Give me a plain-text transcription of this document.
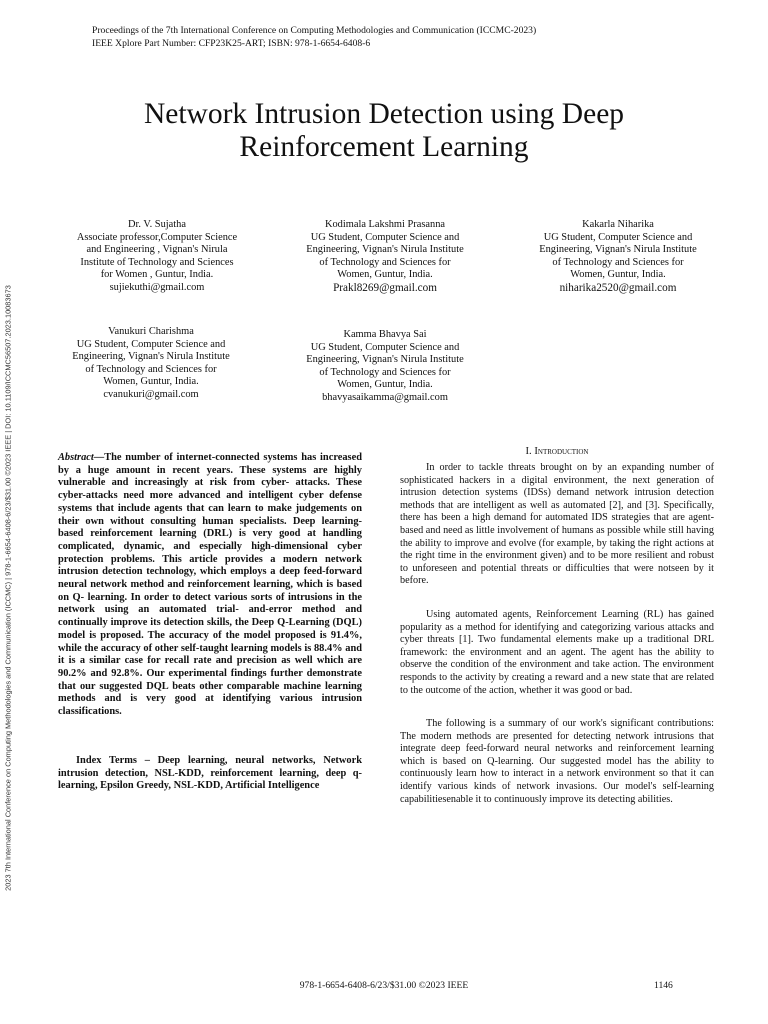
Proceedings of the 7th International Conference on Computing Methodologies and Communication (ICCMC-2023)
IEEE Xplore Part Number: CFP23K25-ART; ISBN: 978-1-6654-6408-6
2023 7th International Conference on Computing Methodologies and Communication (ICCMC) | 978-1-6654-6408-6/23/$31.00 ©2023 IEEE | DOI: 10.1109/ICCMC56507.2023.10083673
Network Intrusion Detection using Deep
Reinforcement Learning
Dr. V. Sujatha
Associate professor,Computer Science
and Engineering , Vignan's Nirula
Institute of Technology and Sciences
for Women , Guntur, India.
sujiekuthi@gmail.com
Kodimala Lakshmi Prasanna
UG Student, Computer Science and
Engineering, Vignan's Nirula Institute
of Technology and Sciences for
Women, Guntur, India.
Prakl8269@gmail.com
Kakarla Niharika
UG Student, Computer Science and
Engineering, Vignan's Nirula Institute
of Technology and Sciences for
Women, Guntur, India.
niharika2520@gmail.com
Vanukuri Charishma
UG Student, Computer Science and
Engineering, Vignan's Nirula Institute
of Technology and Sciences for
Women, Guntur, India.
cvanukuri@gmail.com
Kamma Bhavya Sai
UG Student, Computer Science and
Engineering, Vignan's Nirula Institute
of Technology and Sciences for
Women, Guntur, India.
bhavyasaikamma@gmail.com
Abstract—The number of internet-connected systems has increased by a huge amount in recent years. These systems are highly vulnerable and increasingly at risk from cyber- attacks. These cyber-attacks need more advanced and intelligent cyber defense systems that include agents that can learn to make judgements on their own without consulting human specialists. Deep learning-based reinforcement learning (DRL) is very good at handling complicated, dynamic, and especially high-dimensional cyber protection problems. This article provides a modern network intrusion detection technology, which employs a deep feed-forward neural network method and reinforcement learning, which is based on Q- learning. In order to detect various sorts of intrusions in the network using an automated trial- and-error method and continually improve its detection skills, the Deep Q-Learning (DQL) model is proposed. The accuracy of the model proposed is 91.4%, while the accuracy of other self-taught learning models is 88.4% and it is a similar case for recall rate and precision as well which are 90.2% and 92.8%. Our experimental findings further demonstrate that our suggested DQL beats other comparable machine learning methods and is very good at identifying various intrusion classifications.
Index Terms – Deep learning, neural networks, Network intrusion detection, NSL-KDD, reinforcement learning, deep q-learning, Epsilon Greedy, NSL-KDD, Artificial Intelligence
I. Introduction
In order to tackle threats brought on by an expanding number of sophisticated hackers in a digital environment, the next generation of intrusion detection systems (IDSs) demand network intrusion detection methods that are intelligent as well as automated [2], and [3]. Specifically, there has been a high demand for automated IDS strategies that are agent-based and need as little involvement of humans as possible while still having the ability to improve and evolve (for example, by taking the right actions at the right time in the environment given) and to be more resilient and robust to unforeseen and potential threats or difficulties that were notseen by it before.
Using automated agents, Reinforcement Learning (RL) has gained popularity as a method for identifying and categorizing various attacks and cyber threats [1]. Two fundamental elements make up a traditional DRL framework: the environment and an agent. The agent has the ability to observe the condition of the environment and take action. The environment responds to the activity by creating a reward and a new state that are related to the outcome of the action, whether it was good or bad.
The following is a summary of our work's significant contributions: The modern methods are presented for detecting network intrusions that integrate deep feed-forward neural networks and reinforcement learning which is based on Q-learning. Our suggested model has the ability to continuously learn how to interact in a network environment so that it can identify various kinds of network invasions. Our model's self-learning capabilitiesenable it to continuously improve its detecting abilities.
978-1-6654-6408-6/23/$31.00 ©2023 IEEE	1146
